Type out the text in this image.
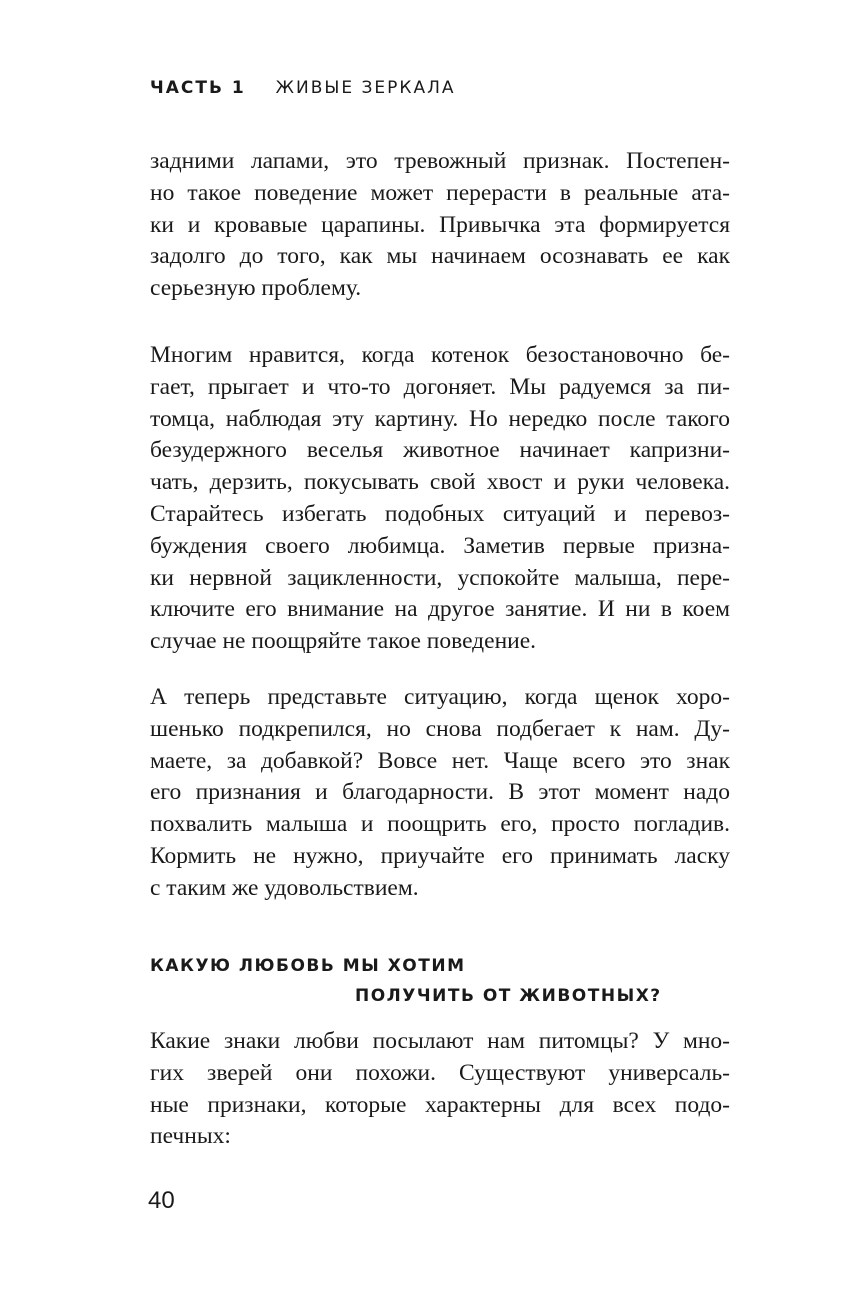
ЧАСТЬ 1 ЖИВЫЕ ЗЕРКАЛА
задними лапами, это тревожный признак. Постепен-
но такое поведение может перерасти в реальные ата-
ки и кровавые царапины. Привычка эта формируется
задолго до того, как мы начинаем осознавать ее как
серьезную проблему.
Многим нравится, когда котенок безостановочно бе-
гает, прыгает и что-то догоняет. Мы радуемся за пи-
томца, наблюдая эту картину. Но нередко после такого
безудержного веселья животное начинает капризни-
чать, дерзить, покусывать свой хвост и руки человека.
Старайтесь избегать подобных ситуаций и перевоз-
буждения своего любимца. Заметив первые призна-
ки нервной зацикленности, успокойте малыша, пере-
ключите его внимание на другое занятие. И ни в коем
случае не поощряйте такое поведение.
А теперь представьте ситуацию, когда щенок хоро-
шенько подкрепился, но снова подбегает к нам. Ду-
маете, за добавкой? Вовсе нет. Чаще всего это знак
его признания и благодарности. В этот момент надо
похвалить малыша и поощрить его, просто погладив.
Кормить не нужно, приучайте его принимать ласку
с таким же удовольствием.
КАКУЮ ЛЮБОВЬ МЫ ХОТИМ
ПОЛУЧИТЬ ОТ ЖИВОТНЫХ?
Какие знаки любви посылают нам питомцы? У мно-
гих зверей они похожи. Существуют универсаль-
ные признаки, которые характерны для всех подо-
печных:
40
